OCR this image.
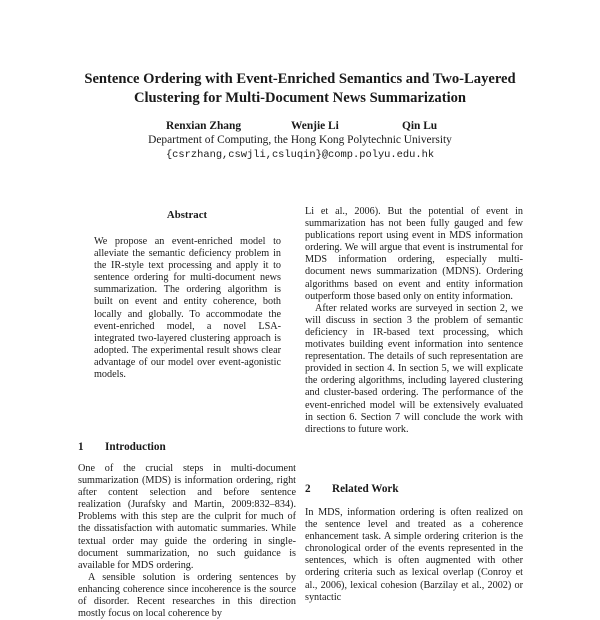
Sentence Ordering with Event-Enriched Semantics and Two-Layered Clustering for Multi-Document News Summarization
Renxian Zhang	Wenjie Li	Qin Lu
Department of Computing, the Hong Kong Polytechnic University
{csrzhang,cswjli,csluqin}@comp.polyu.edu.hk
Abstract

We propose an event-enriched model to alleviate the semantic deficiency problem in the IR-style text processing and apply it to sentence ordering for multi-document news summarization. The ordering algorithm is built on event and entity coherence, both locally and globally. To accommodate the event-enriched model, a novel LSA-integrated two-layered clustering approach is adopted. The experimental result shows clear advantage of our model over event-agonistic models.

1 Introduction

One of the crucial steps in multi-document summarization (MDS) is information ordering, right after content selection and before sentence realization (Jurafsky and Martin, 2009:832–834). Problems with this step are the culprit for much of the dissatisfaction with automatic summaries. While textual order may guide the ordering in single-document summarization, no such guidance is available for MDS ordering.

A sensible solution is ordering sentences by enhancing coherence since incoherence is the source of disorder. Recent researches in this direction mostly focus on local coherence by

Li et al., 2006). But the potential of event in summarization has not been fully gauged and few publications report using event in MDS information ordering. We will argue that event is instrumental for MDS information ordering, especially multi-document news summarization (MDNS). Ordering algorithms based on event and entity information outperform those based only on entity information.

After related works are surveyed in section 2, we will discuss in section 3 the problem of semantic deficiency in IR-based text processing, which motivates building event information into sentence representation. The details of such representation are provided in section 4. In section 5, we will explicate the ordering algorithms, including layered clustering and cluster-based ordering. The performance of the event-enriched model will be extensively evaluated in section 6. Section 7 will conclude the work with directions to future work.

2 Related Work

In MDS, information ordering is often realized on the sentence level and treated as a coherence enhancement task. A simple ordering criterion is the chronological order of the events represented in the sentences, which is often augmented with other ordering criteria such as lexical overlap (Conroy et al., 2006), lexical cohesion (Barzilay et al., 2002) or syntactic
